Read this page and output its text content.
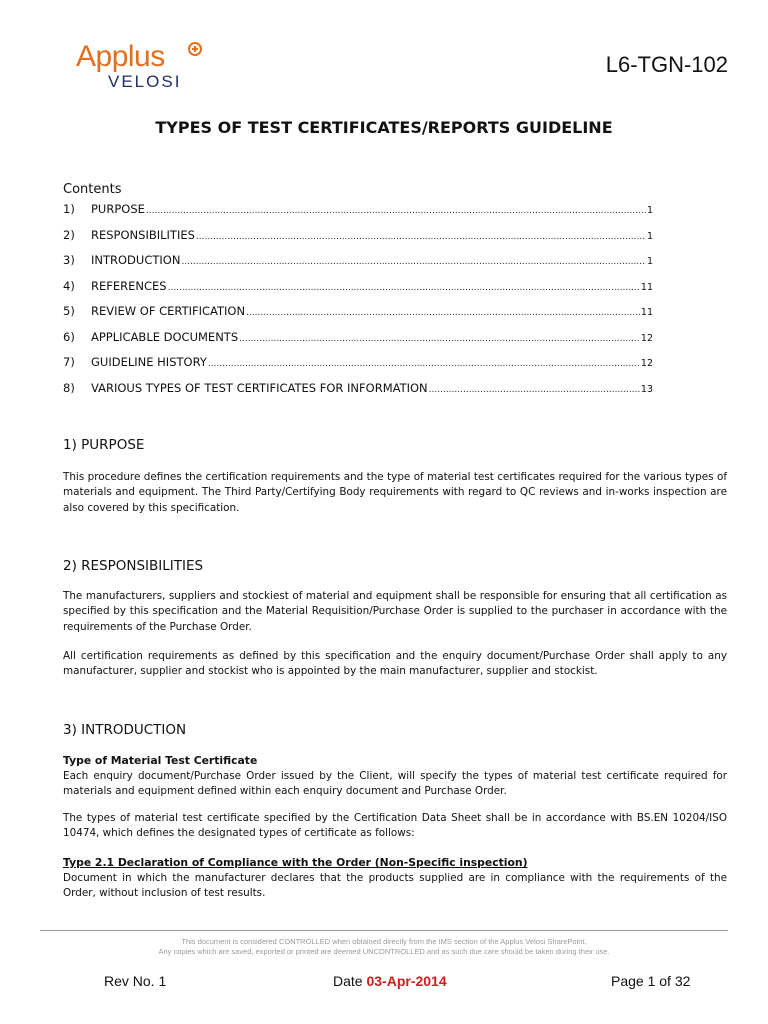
Applus
VELOSI
L6-TGN-102
TYPES OF TEST CERTIFICATES/REPORTS GUIDELINE
Contents
1)	PURPOSE .....	1
2)	RESPONSIBILITIES .....	1
3)	INTRODUCTION .....	1
4)	REFERENCES .....	11
5)	REVIEW OF CERTIFICATION .....	11
6)	APPLICABLE DOCUMENTS .....	12
7)	GUIDELINE HISTORY .....	12
8)	VARIOUS TYPES OF TEST CERTIFICATES FOR INFORMATION .....	13
1) PURPOSE
This procedure defines the certification requirements and the type of material test certificates required for the various types of materials and equipment. The Third Party/Certifying Body requirements with regard to QC reviews and in-works inspection are also covered by this specification.
2) RESPONSIBILITIES
The manufacturers, suppliers and stockiest of material and equipment shall be responsible for ensuring that all certification as specified by this specification and the Material Requisition/Purchase Order is supplied to the purchaser in accordance with the requirements of the Purchase Order.
All certification requirements as defined by this specification and the enquiry document/Purchase Order shall apply to any manufacturer, supplier and stockist who is appointed by the main manufacturer, supplier and stockist.
3) INTRODUCTION
Type of Material Test Certificate
Each enquiry document/Purchase Order issued by the Client, will specify the types of material test certificate required for materials and equipment defined within each enquiry document and Purchase Order.
The types of material test certificate specified by the Certification Data Sheet shall be in accordance with BS.EN 10204/ISO 10474, which defines the designated types of certificate as follows:
Type 2.1 Declaration of Compliance with the Order (Non-Specific inspection)
Document in which the manufacturer declares that the products supplied are in compliance with the requirements of the Order, without inclusion of test results.
This document is considered CONTROLLED when obtained directly from the IMS section of the Applus Velosi SharePoint.
Any copies which are saved, exported or printed are deemed UNCONTROLLED and as such due care should be taken during their use.
Rev No. 1	Date 03-Apr-2014	Page 1 of 32
